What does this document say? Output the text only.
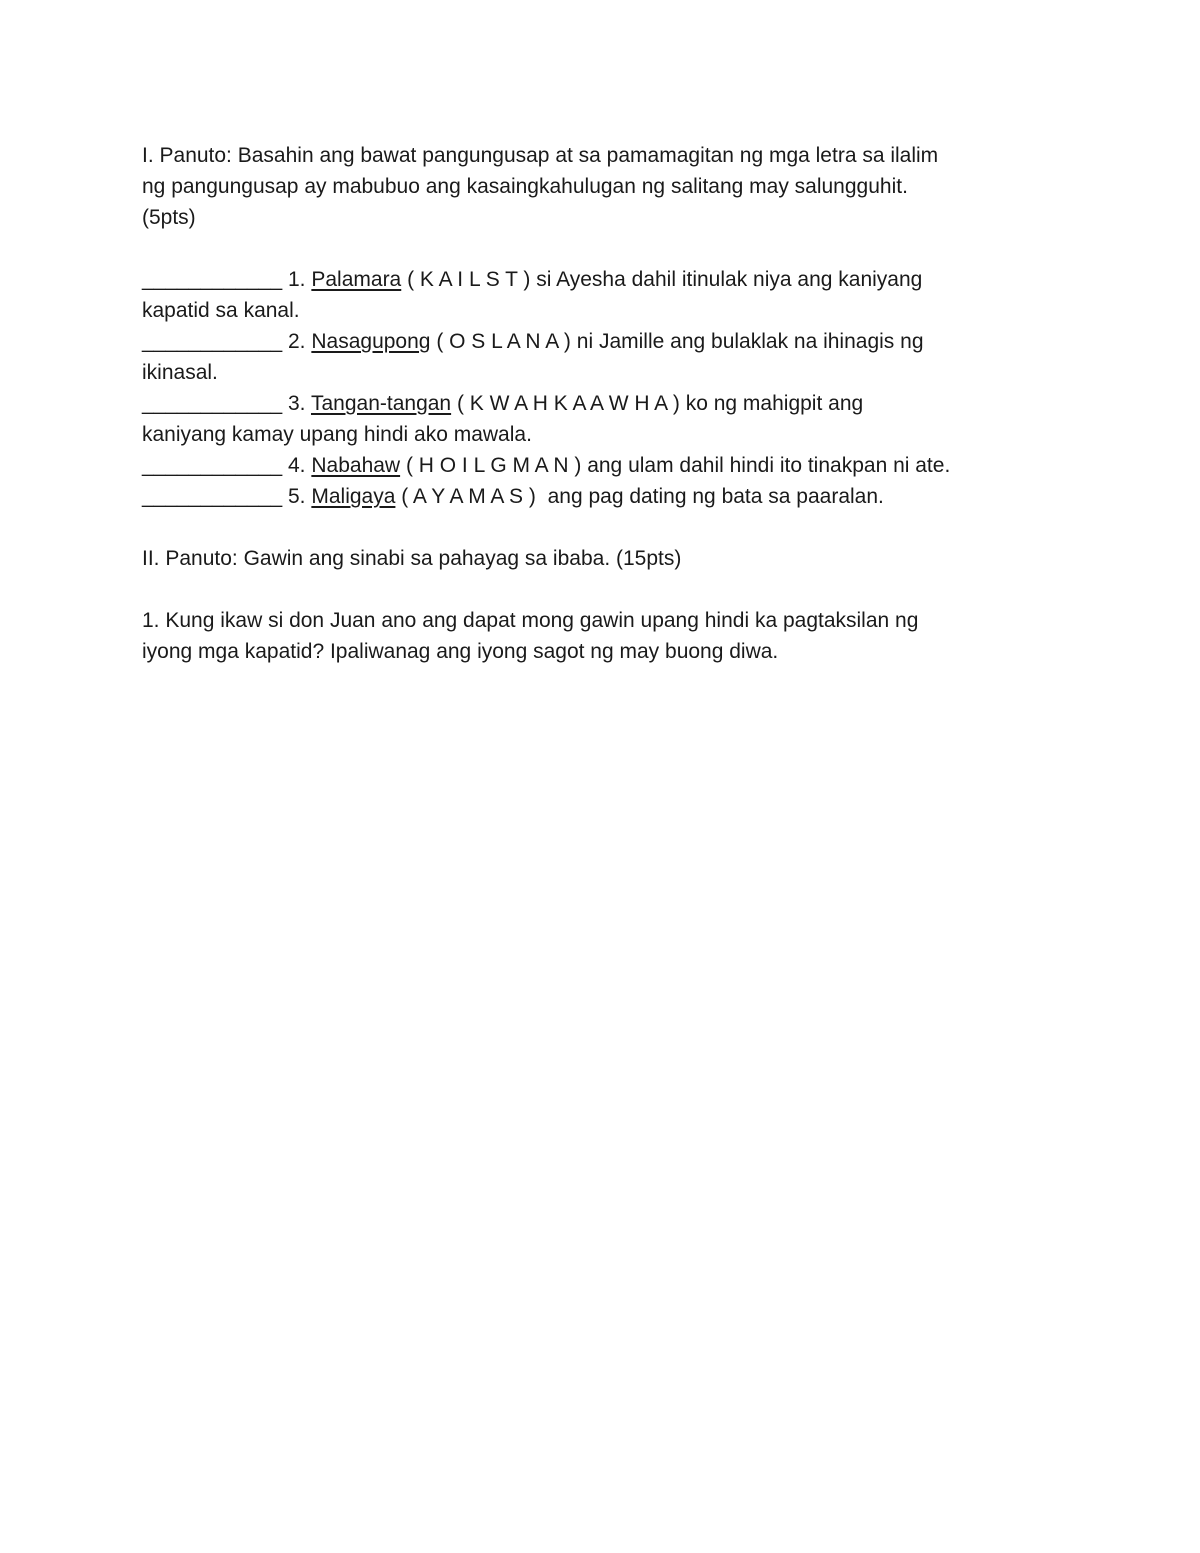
I. Panuto: Basahin ang bawat pangungusap at sa pamamagitan ng mga letra sa ilalim
ng pangungusap ay mabubuo ang kasaingkahulugan ng salitang may salungguhit.
(5pts)

____________ 1. Palamara ( K A I L S T ) si Ayesha dahil itinulak niya ang kaniyang
kapatid sa kanal.

____________ 2. Nasagupong ( O S L A N A ) ni Jamille ang bulaklak na ihinagis ng
ikinasal.

____________ 3. Tangan-tangan ( K W A H K A A W H A ) ko ng mahigpit ang
kaniyang kamay upang hindi ako mawala.

____________ 4. Nabahaw ( H O I L G M A N ) ang ulam dahil hindi ito tinakpan ni ate.

____________ 5. Maligaya ( A Y A M A S )  ang pag dating ng bata sa paaralan.

II. Panuto: Gawin ang sinabi sa pahayag sa ibaba. (15pts)

1. Kung ikaw si don Juan ano ang dapat mong gawin upang hindi ka pagtaksilan ng
iyong mga kapatid? Ipaliwanag ang iyong sagot ng may buong diwa.
